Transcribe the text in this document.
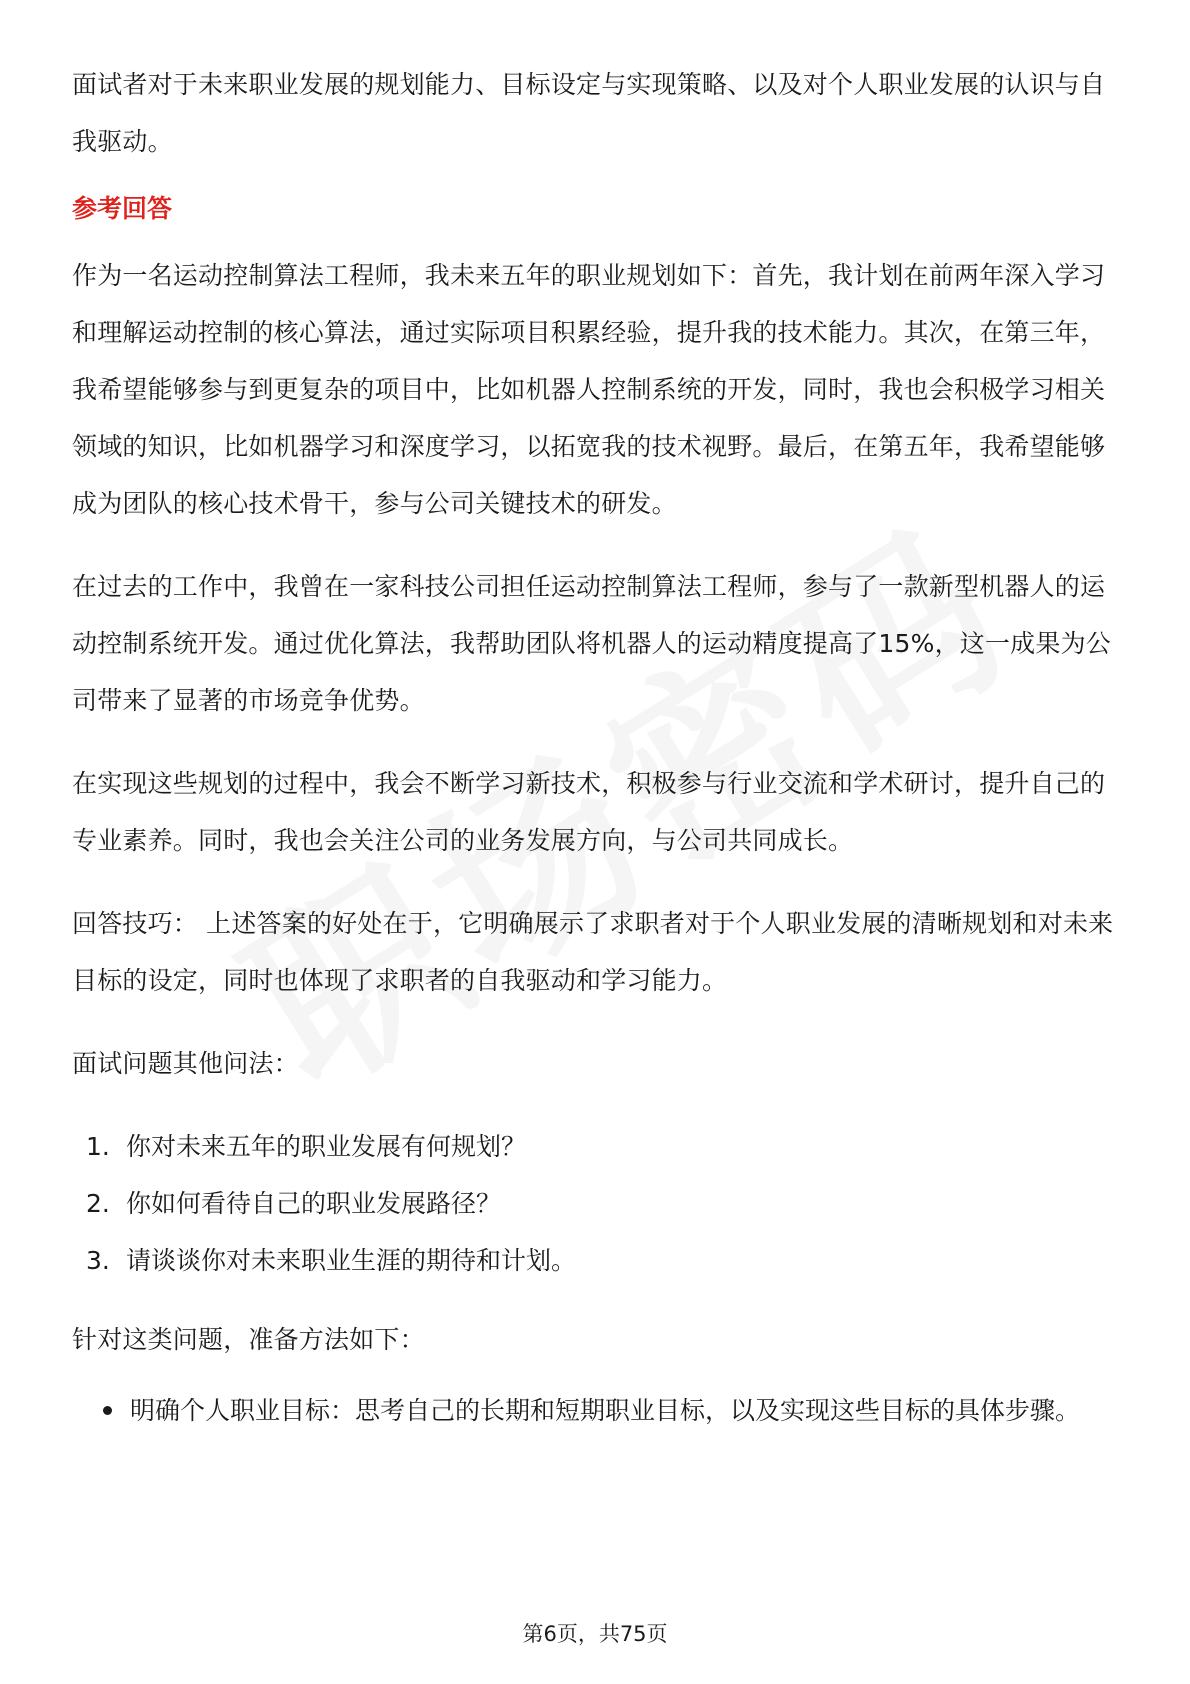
面试者对于未来职业发展的规划能力、目标设定与实现策略、以及对个人职业发展的认识与自我驱动。

参考回答

作为一名运动控制算法工程师，我未来五年的职业规划如下：首先，我计划在前两年深入学习和理解运动控制的核心算法，通过实际项目积累经验，提升我的技术能力。其次，在第三年，我希望能够参与到更复杂的项目中，比如机器人控制系统的开发，同时，我也会积极学习相关领域的知识，比如机器学习和深度学习，以拓宽我的技术视野。最后，在第五年，我希望能够成为团队的核心技术骨干，参与公司关键技术的研发。

在过去的工作中，我曾在一家科技公司担任运动控制算法工程师，参与了一款新型机器人的运动控制系统开发。通过优化算法，我帮助团队将机器人的运动精度提高了15%，这一成果为公司带来了显著的市场竞争优势。

在实现这些规划的过程中，我会不断学习新技术，积极参与行业交流和学术研讨，提升自己的专业素养。同时，我也会关注公司的业务发展方向，与公司共同成长。

回答技巧： 上述答案的好处在于，它明确展示了求职者对于个人职业发展的清晰规划和对未来目标的设定，同时也体现了求职者的自我驱动和学习能力。

面试问题其他问法：

1. 你对未来五年的职业发展有何规划？
2. 你如何看待自己的职业发展路径？
3. 请谈谈你对未来职业生涯的期待和计划。

针对这类问题，准备方法如下：

明确个人职业目标：思考自己的长期和短期职业目标，以及实现这些目标的具体步骤。
第6页，共75页
